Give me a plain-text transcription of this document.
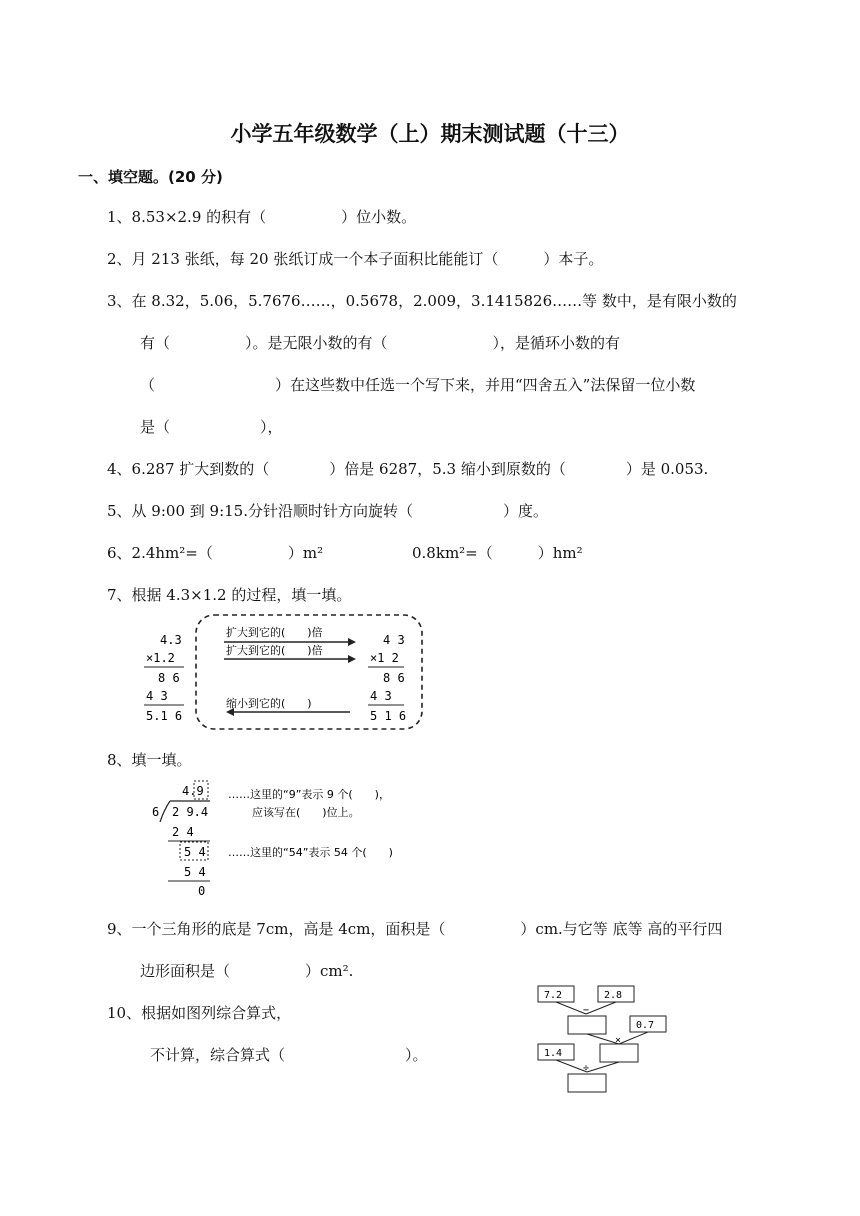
小学五年级数学（上）期末测试题（十三）
一、填空题。(20 分)
1、8.53×2.9 的积有（　　　　　）位小数。
2、月 213 张纸，每 20 张纸订成一个本子面积比能能订（　　　）本子。
3、在 8.32，5.06，5.7676……，0.5678，2.009，3.1415826……等 数中，是有限小数的
有（　　　　　）。是无限小数的有（　　　　　　　），是循环小数的有
（　　　　　　　　）在这些数中任选一个写下来，并用“四舍五入”法保留一位小数
是（　　　　　　），
4、6.287 扩大到数的（　　　　）倍是 6287，5.3 缩小到原数的（　　　　）是 0.053.
5、从 9:00 到 9:15.分针沿顺时针方向旋转（　　　　　　）度。
6、2.4hm²=（　　　　　）m²	0.8km²=（　　　）hm²
7、根据 4.3×1.2 的过程，填一填。
4.3
×1.2
8 6
4 3
5.1 6
扩大到它的(　　)倍
扩大到它的(　　)倍
缩小到它的(　　)
4 3
×1 2
8 6
4 3
5 1 6
8、填一填。
4.9
6 2 9.4
2 4
5 4
5 4
0
……这里的“9”表示 9 个(　　)，
应该写在(　　)位上。
……这里的“54”表示 54 个(　　)
9、一个三角形的底是 7cm，高是 4cm，面积是（　　　　　）cm.与它等 底等 高的平行四
边形面积是（　　　　　）cm².
10、根据如图列综合算式，
不计算，综合算式（　　　　　　　　）。
7.2	2.8
−
0.7
×
1.4
÷
